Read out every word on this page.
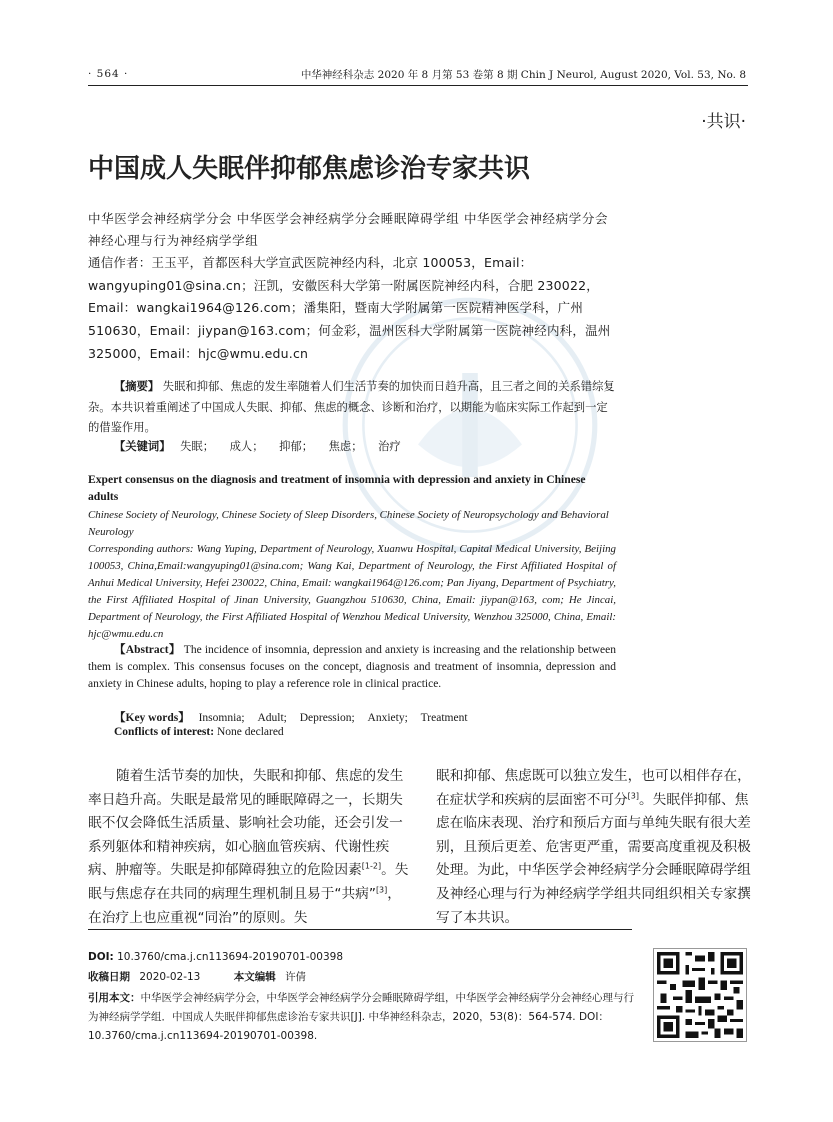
· 564 ·	中华神经科杂志 2020 年 8 月第 53 卷第 8 期 Chin J Neurol, August 2020, Vol. 53, No. 8
·共识·
中国成人失眠伴抑郁焦虑诊治专家共识
中华医学会神经病学分会 中华医学会神经病学分会睡眠障碍学组 中华医学会神经病学分会神经心理与行为神经病学学组
通信作者：王玉平，首都医科大学宣武医院神经内科，北京 100053，Email：wangyuping01@sina.cn；汪凯，安徽医科大学第一附属医院神经内科，合肥 230022，Email：wangkai1964@126.com；潘集阳，暨南大学附属第一医院精神医学科，广州 510630，Email：jiypan@163.com；何金彩，温州医科大学附属第一医院神经内科，温州 325000，Email：hjc@wmu.edu.cn
【摘要】 失眠和抑郁、焦虑的发生率随着人们生活节奏的加快而日趋升高，且三者之间的关系错综复杂。本共识着重阐述了中国成人失眠、抑郁、焦虑的概念、诊断和治疗，以期能为临床实际工作起到一定的借鉴作用。
【关键词】 失眠； 成人； 抑郁； 焦虑； 治疗
Expert consensus on the diagnosis and treatment of insomnia with depression and anxiety in Chinese adults
Chinese Society of Neurology, Chinese Society of Sleep Disorders, Chinese Society of Neuropsychology and Behavioral Neurology
Corresponding authors: Wang Yuping, Department of Neurology, Xuanwu Hospital, Capital Medical University, Beijing 100053, China,Email:wangyuping01@sina.com; Wang Kai, Department of Neurology, the First Affiliated Hospital of Anhui Medical University, Hefei 230022, China, Email: wangkai1964@126.com; Pan Jiyang, Department of Psychiatry, the First Affiliated Hospital of Jinan University, Guangzhou 510630, China, Email: jiypan@163, com; He Jincai, Department of Neurology, the First Affiliated Hospital of Wenzhou Medical University, Wenzhou 325000, China, Email: hjc@wmu.edu.cn
【Abstract】 The incidence of insomnia, depression and anxiety is increasing and the relationship between them is complex. This consensus focuses on the concept, diagnosis and treatment of insomnia, depression and anxiety in Chinese adults, hoping to play a reference role in clinical practice.
【Key words】 Insomnia; Adult; Depression; Anxiety; Treatment
Conflicts of interest: None declared
随着生活节奏的加快，失眠和抑郁、焦虑的发生率日趋升高。失眠是最常见的睡眠障碍之一，长期失眠不仅会降低生活质量、影响社会功能，还会引发一系列躯体和精神疾病，如心脑血管疾病、代谢性疾病、肿瘤等。失眠是抑郁障碍独立的危险因素[1-2]。失眠与焦虑存在共同的病理生理机制且易于“共病”[3]，在治疗上也应重视“同治”的原则。失
眠和抑郁、焦虑既可以独立发生，也可以相伴存在，在症状学和疾病的层面密不可分[3]。失眠伴抑郁、焦虑在临床表现、治疗和预后方面与单纯失眠有很大差别，且预后更差、危害更严重，需要高度重视及积极处理。为此，中华医学会神经病学分会睡眠障碍学组及神经心理与行为神经病学学组共同组织相关专家撰写了本共识。
DOI: 10.3760/cma.j.cn113694-20190701-00398
收稿日期 2020-02-13	本文编辑 许倩
引用本文：中华医学会神经病学分会，中华医学会神经病学分会睡眠障碍学组，中华医学会神经病学分会神经心理与行为神经病学学组．中国成人失眠伴抑郁焦虑诊治专家共识[J]. 中华神经科杂志，2020，53(8)：564-574. DOI：10.3760/cma.j.cn113694-20190701-00398.
